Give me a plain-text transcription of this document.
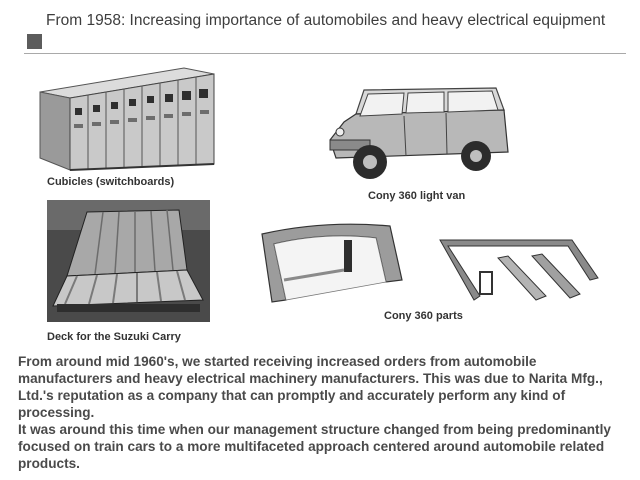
From 1958: Increasing importance of automobiles and heavy electrical equipment
Cubicles (switchboards)
Cony 360 light van
Deck for the Suzuki Carry
Cony 360 parts

From around mid 1960's, we started receiving increased orders from automobile manufacturers and heavy electrical machinery manufacturers. This was due to Narita Mfg., Ltd.'s reputation as a company that can promptly and accurately perform any kind of processing.

It was around this time when our management structure changed from being predominantly focused on train cars to a more multifaceted approach centered around automobile related products.
